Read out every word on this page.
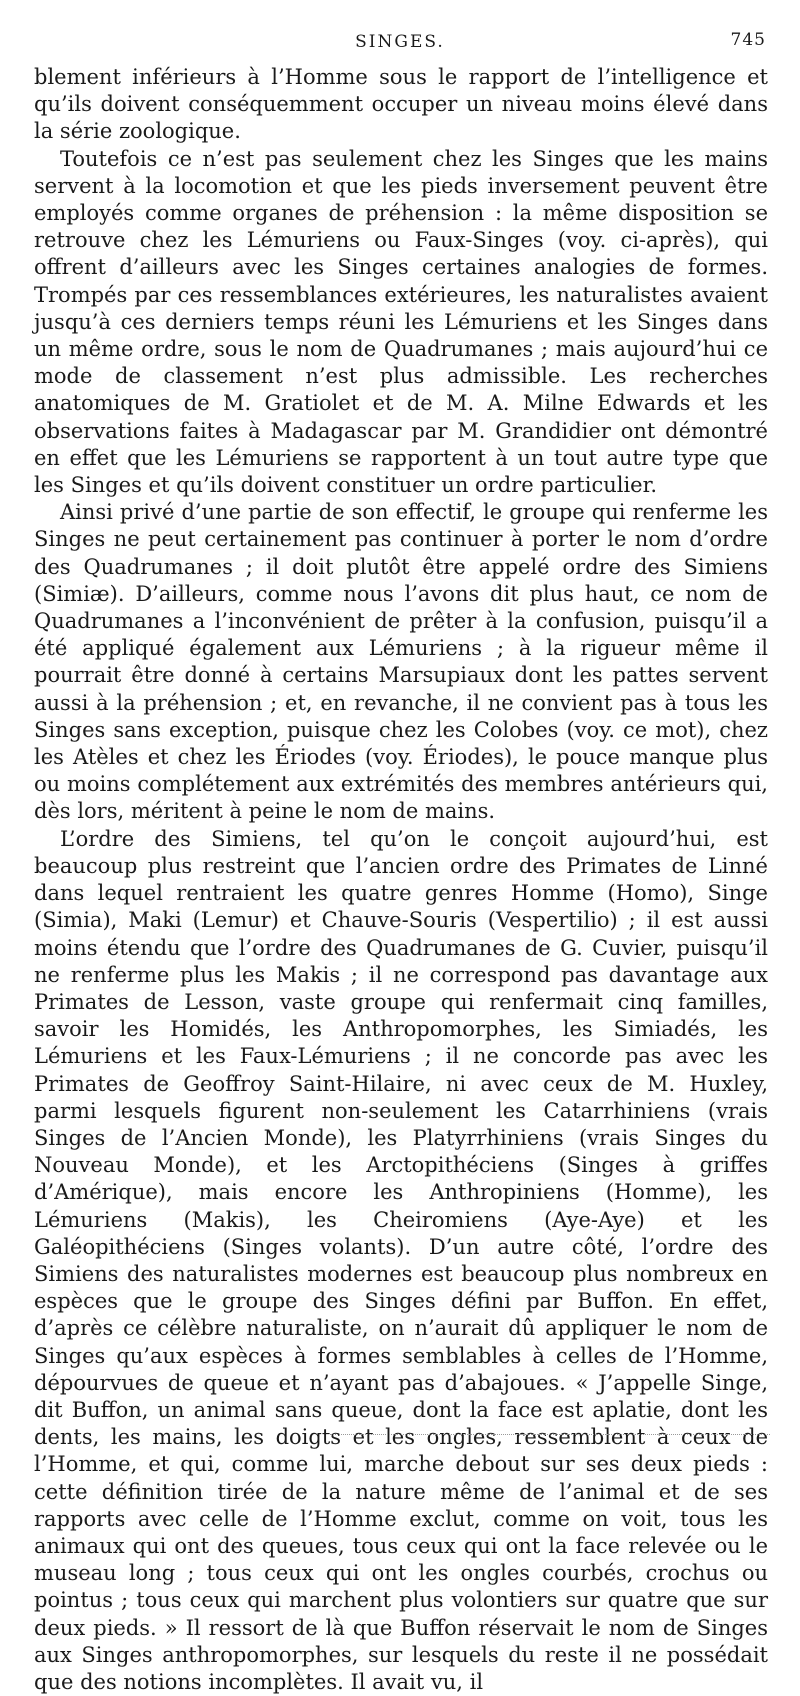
SINGES.	745

blement inférieurs à l’Homme sous le rapport de l’intelligence et qu’ils doivent conséquemment occuper un niveau moins élevé dans la série zoologique.

Toutefois ce n’est pas seulement chez les Singes que les mains servent à la locomotion et que les pieds inversement peuvent être employés comme organes de préhension : la même disposition se retrouve chez les Lémuriens ou Faux-Singes (voy. ci-après), qui offrent d’ailleurs avec les Singes certaines analogies de formes. Trompés par ces ressemblances extérieures, les naturalistes avaient jusqu’à ces derniers temps réuni les Lémuriens et les Singes dans un même ordre, sous le nom de Quadrumanes ; mais aujourd’hui ce mode de classement n’est plus admissible. Les recherches anatomiques de M. Gratiolet et de M. A. Milne Edwards et les observations faites à Madagascar par M. Grandidier ont démontré en effet que les Lémuriens se rapportent à un tout autre type que les Singes et qu’ils doivent constituer un ordre particulier.

Ainsi privé d’une partie de son effectif, le groupe qui renferme les Singes ne peut certainement pas continuer à porter le nom d’ordre des Quadrumanes ; il doit plutôt être appelé ordre des Simiens (Simiæ). D’ailleurs, comme nous l’avons dit plus haut, ce nom de Quadrumanes a l’inconvénient de prêter à la confusion, puisqu’il a été appliqué également aux Lémuriens ; à la rigueur même il pourrait être donné à certains Marsupiaux dont les pattes servent aussi à la préhension ; et, en revanche, il ne convient pas à tous les Singes sans exception, puisque chez les Colobes (voy. ce mot), chez les Atèles et chez les Ériodes (voy. Ériodes), le pouce manque plus ou moins complétement aux extrémités des membres antérieurs qui, dès lors, méritent à peine le nom de mains.

L’ordre des Simiens, tel qu’on le conçoit aujourd’hui, est beaucoup plus restreint que l’ancien ordre des Primates de Linné dans lequel rentraient les quatre genres Homme (Homo), Singe (Simia), Maki (Lemur) et Chauve-Souris (Vespertilio) ; il est aussi moins étendu que l’ordre des Quadrumanes de G. Cuvier, puisqu’il ne renferme plus les Makis ; il ne correspond pas davantage aux Primates de Lesson, vaste groupe qui renfermait cinq familles, savoir les Homidés, les Anthropomorphes, les Simiadés, les Lémuriens et les Faux-Lémuriens ; il ne concorde pas avec les Primates de Geoffroy Saint-Hilaire, ni avec ceux de M. Huxley, parmi lesquels figurent non-seulement les Catarrhiniens (vrais Singes de l’Ancien Monde), les Platyrrhiniens (vrais Singes du Nouveau Monde), et les Arctopithéciens (Singes à griffes d’Amérique), mais encore les Anthropiniens (Homme), les Lémuriens (Makis), les Cheiromiens (Aye-Aye) et les Galéopithéciens (Singes volants). D’un autre côté, l’ordre des Simiens des naturalistes modernes est beaucoup plus nombreux en espèces que le groupe des Singes défini par Buffon. En effet, d’après ce célèbre naturaliste, on n’aurait dû appliquer le nom de Singes qu’aux espèces à formes semblables à celles de l’Homme, dépourvues de queue et n’ayant pas d’abajoues. « J’appelle Singe, dit Buffon, un animal sans queue, dont la face est aplatie, dont les dents, les mains, les doigts et les ongles, ressemblent à ceux de l’Homme, et qui, comme lui, marche debout sur ses deux pieds : cette définition tirée de la nature même de l’animal et de ses rapports avec celle de l’Homme exclut, comme on voit, tous les animaux qui ont des queues, tous ceux qui ont la face relevée ou le museau long ; tous ceux qui ont les ongles courbés, crochus ou pointus ; tous ceux qui marchent plus volontiers sur quatre que sur deux pieds. » Il ressort de là que Buffon réservait le nom de Singes aux Singes anthropomorphes, sur lesquels du reste il ne possédait que des notions incomplètes. Il avait vu, il
